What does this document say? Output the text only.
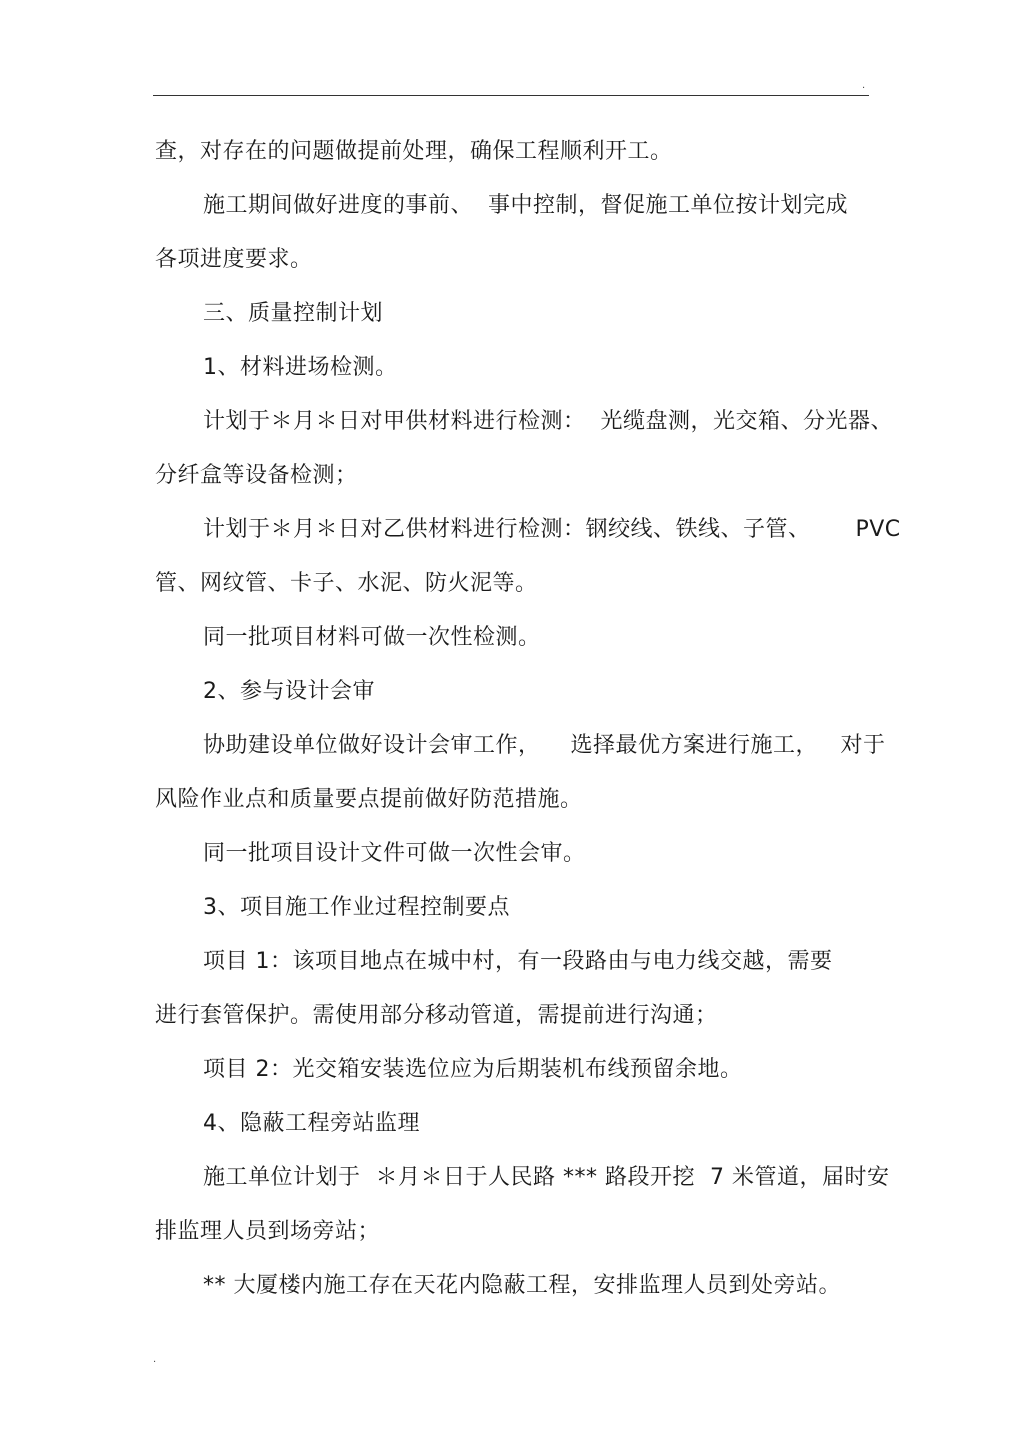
.
查，对存在的问题做提前处理，确保工程顺利开工。
施工期间做好进度的事前、  事中控制，督促施工单位按计划完成
各项进度要求。
三、质量控制计划
1、材料进场检测。
计划于＊月＊日对甲供材料进行检测：  光缆盘测，光交箱、分光器、
分纤盒等设备检测；
计划于＊月＊日对乙供材料进行检测：钢绞线、铁线、子管、      PVC
管、网纹管、卡子、水泥、防火泥等。
同一批项目材料可做一次性检测。
2、参与设计会审
协助建设单位做好设计会审工作，    选择最优方案进行施工，   对于
风险作业点和质量要点提前做好防范措施。
同一批项目设计文件可做一次性会审。
3、项目施工作业过程控制要点
项目 1：该项目地点在城中村，有一段路由与电力线交越，需要
进行套管保护。需使用部分移动管道，需提前进行沟通；
项目 2：光交箱安装选位应为后期装机布线预留余地。
4、隐蔽工程旁站监理
施工单位计划于  ＊月＊日于人民路 *** 路段开挖  7 米管道，届时安
排监理人员到场旁站；
** 大厦楼内施工存在天花内隐蔽工程，安排监理人员到处旁站。
.
